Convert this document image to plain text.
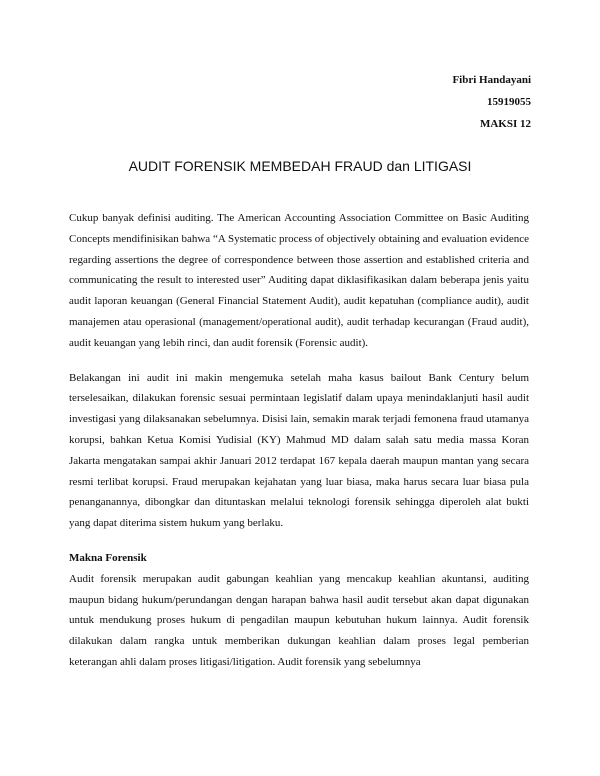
Fibri Handayani
15919055
MAKSI 12
AUDIT FORENSIK MEMBEDAH FRAUD dan LITIGASI

Cukup banyak definisi auditing. The American Accounting Association Committee on Basic Auditing Concepts mendifinisikan bahwa “A Systematic process of objectively obtaining and evaluation evidence regarding assertions the degree of correspondence between those assertion and established criteria and communicating the result to interested user” Auditing dapat diklasifikasikan dalam beberapa jenis yaitu audit laporan keuangan (General Financial Statement Audit), audit kepatuhan (compliance audit), audit manajemen atau operasional (management/operational audit), audit terhadap kecurangan (Fraud audit), audit keuangan yang lebih rinci, dan audit forensik (Forensic audit).

Belakangan ini audit ini makin mengemuka setelah maha kasus bailout Bank Century belum terselesaikan, dilakukan forensic sesuai permintaan legislatif dalam upaya menindaklanjuti hasil audit investigasi yang dilaksanakan sebelumnya. Disisi lain, semakin marak terjadi femonena fraud utamanya korupsi, bahkan Ketua Komisi Yudisial (KY) Mahmud MD dalam salah satu media massa Koran Jakarta mengatakan sampai akhir Januari 2012 terdapat 167 kepala daerah maupun mantan yang secara resmi terlibat korupsi. Fraud merupakan kejahatan yang luar biasa, maka harus secara luar biasa pula penanganannya, dibongkar dan dituntaskan melalui teknologi forensik sehingga diperoleh alat bukti yang dapat diterima sistem hukum yang berlaku.

Makna Forensik

Audit forensik merupakan audit gabungan keahlian yang mencakup keahlian akuntansi, auditing maupun bidang hukum/perundangan dengan harapan bahwa hasil audit tersebut akan dapat digunakan untuk mendukung proses hukum di pengadilan maupun kebutuhan hukum lainnya. Audit forensik dilakukan dalam rangka untuk memberikan dukungan keahlian dalam proses legal pemberian keterangan ahli dalam proses litigasi/litigation. Audit forensik yang sebelumnya
